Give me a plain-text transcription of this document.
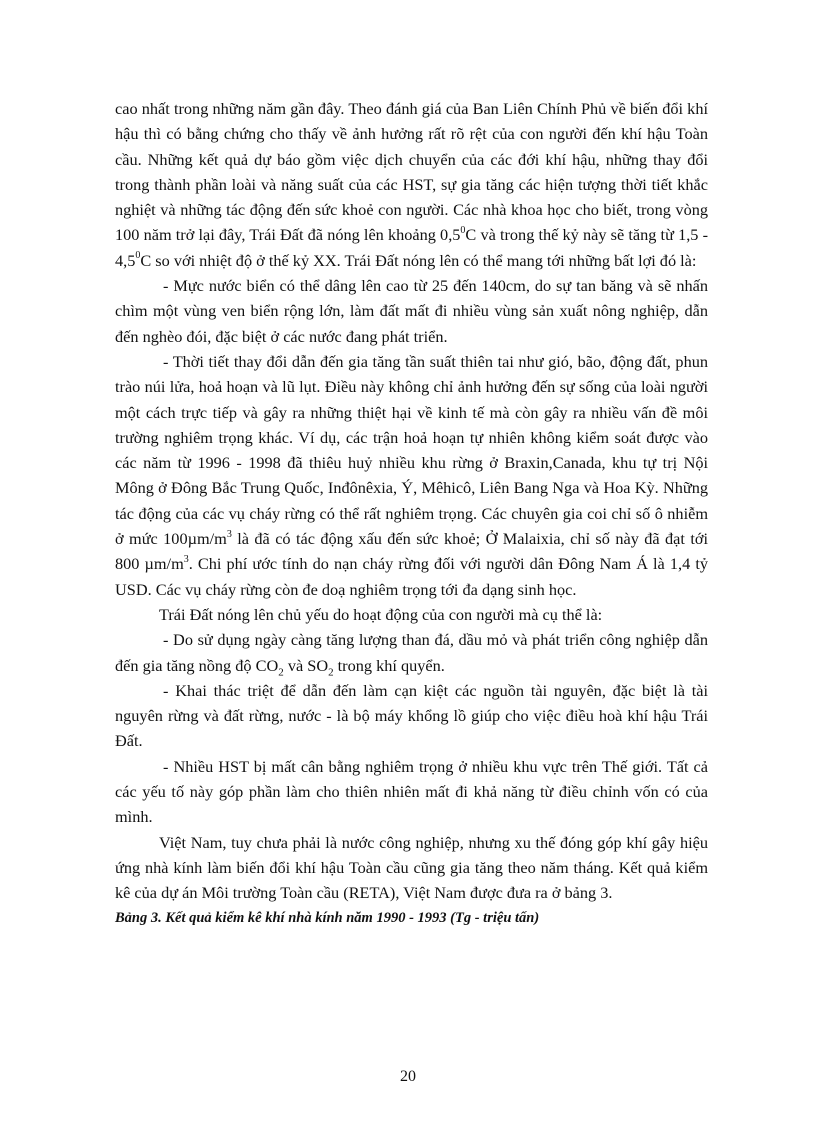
cao nhất trong những năm gần đây. Theo đánh giá của Ban Liên Chính Phủ về biến đổi khí hậu thì có bằng chứng cho thấy về ảnh hưởng rất rõ rệt của con người đến khí hậu Toàn cầu. Những kết quả dự báo gồm việc dịch chuyển của các đới khí hậu, những thay đổi trong thành phần loài và năng suất của các HST, sự gia tăng các hiện tượng thời tiết khắc nghiệt và những tác động đến sức khoẻ con người. Các nhà khoa học cho biết, trong vòng 100 năm trở lại đây, Trái Đất đã nóng lên khoảng $0,5^0C$ và trong thế kỷ này sẽ tăng từ $1,5 - 4,5^0C$ so với nhiệt độ ở thế kỷ XX. Trái Đất nóng lên có thể mang tới những bất lợi đó là:

- Mực nước biển có thể dâng lên cao từ 25 đến 140cm, do sự tan băng và sẽ nhấn chìm một vùng ven biển rộng lớn, làm đất mất đi nhiều vùng sản xuất nông nghiệp, dẫn đến nghèo đói, đặc biệt ở các nước đang phát triển.

- Thời tiết thay đổi dẫn đến gia tăng tần suất thiên tai như gió, bão, động đất, phun trào núi lửa, hoả hoạn và lũ lụt. Điều này không chỉ ảnh hưởng đến sự sống của loài người một cách trực tiếp và gây ra những thiệt hại về kinh tế mà còn gây ra nhiều vấn đề môi trường nghiêm trọng khác. Ví dụ, các trận hoả hoạn tự nhiên không kiểm soát được vào các năm từ 1996 - 1998 đã thiêu huỷ nhiều khu rừng ở Braxin,Canada, khu tự trị Nội Mông ở Đông Bắc Trung Quốc, Inđônêxia, Ý, Mêhicô, Liên Bang Nga và Hoa Kỳ. Những tác động của các vụ cháy rừng có thể rất nghiêm trọng. Các chuyên gia coi chỉ số ô nhiễm ở mức $100\mu m/m^3$ là đã có tác động xấu đến sức khoẻ; Ở Malaixia, chỉ số này đã đạt tới 800 $\mu m/m^3$. Chi phí ước tính do nạn cháy rừng đối với người dân Đông Nam Á là 1,4 tỷ USD. Các vụ cháy rừng còn đe doạ nghiêm trọng tới đa dạng sinh học.

Trái Đất nóng lên chủ yếu do hoạt động của con người mà cụ thể là:

- Do sử dụng ngày càng tăng lượng than đá, dầu mỏ và phát triển công nghiệp dẫn đến gia tăng nồng độ $CO_2$ và $SO_2$ trong khí quyển.

- Khai thác triệt để dẫn đến làm cạn kiệt các nguồn tài nguyên, đặc biệt là tài nguyên rừng và đất rừng, nước - là bộ máy khổng lồ giúp cho việc điều hoà khí hậu Trái Đất.

- Nhiều HST bị mất cân bằng nghiêm trọng ở nhiều khu vực trên Thế giới. Tất cả các yếu tố này góp phần làm cho thiên nhiên mất đi khả năng từ điều chỉnh vốn có của mình.

Việt Nam, tuy chưa phải là nước công nghiệp, nhưng xu thế đóng góp khí gây hiệu ứng nhà kính làm biến đổi khí hậu Toàn cầu cũng gia tăng theo năm tháng. Kết quả kiểm kê của dự án Môi trường Toàn cầu (RETA), Việt Nam được đưa ra ở bảng 3.

Bảng 3. Kết quả kiểm kê khí nhà kính năm 1990 - 1993 (Tg - triệu tấn)

20
